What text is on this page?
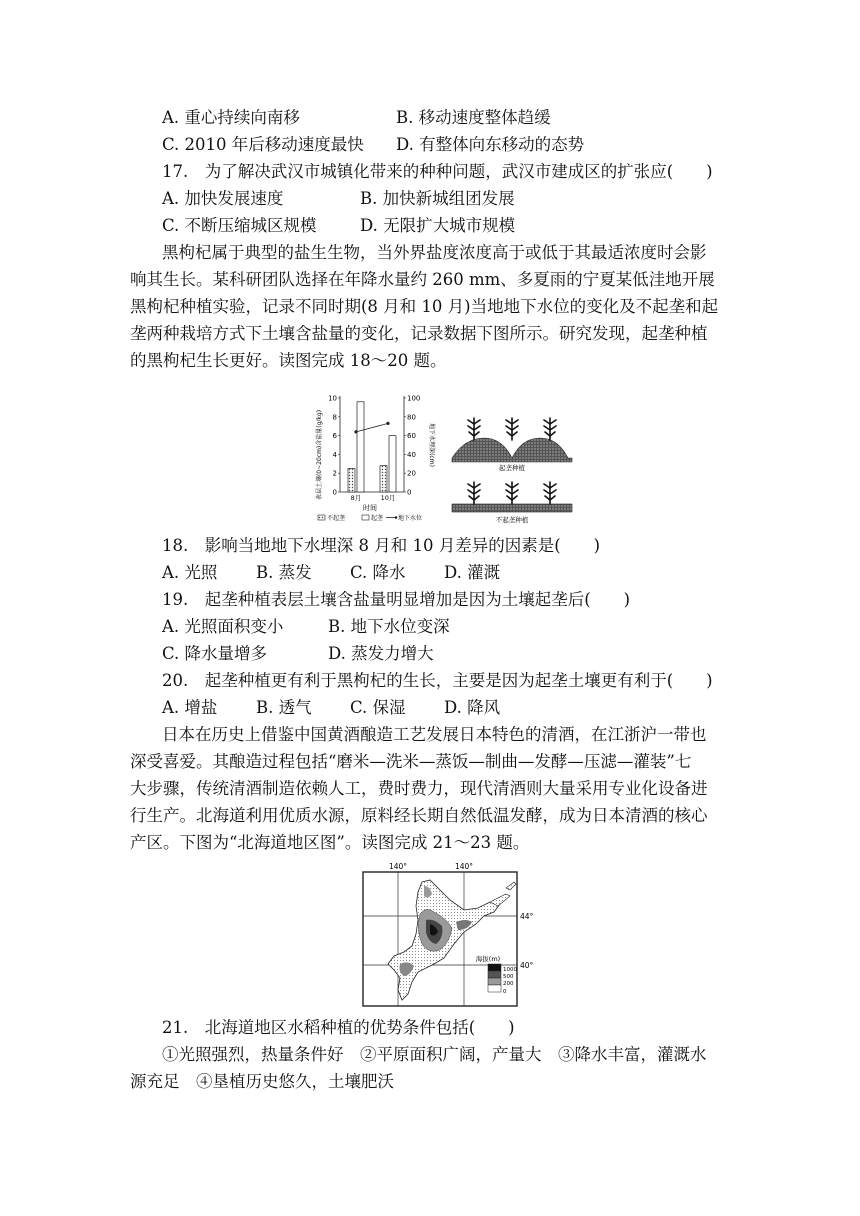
A. 重心持续向南移	B. 移动速度整体趋缓
C. 2010 年后移动速度最快 D. 有整体向东移动的态势
17.　为了解决武汉市城镇化带来的种种问题，武汉市建成区的扩张应(　　)
A. 加快发展速度	B. 加快新城组团发展
C. 不断压缩城区规模	D. 无限扩大城市规模
黑枸杞属于典型的盐生生物，当外界盐度浓度高于或低于其最适浓度时会影
响其生长。某科研团队选择在年降水量约 260 mm、多夏雨的宁夏某低洼地开展
黑枸杞种植实验，记录不同时期(8 月和 10 月)当地地下水位的变化及不起垄和起
垄两种栽培方式下土壤含盐量的变化，记录数据下图所示。研究发现，起垄种植
的黑枸杞生长更好。读图完成 18～20 题。
表层土壤(0~20cm)含盐量(g/kg)	地下水埋深(cm)
0
2
4
6
8
10
0
20
40
60
80
100
8月	10月
时间
不起垄	起垄 地下水位
起垄种植
不起垄种植
18.　影响当地地下水埋深 8 月和 10 月差异的因素是(　　)
A. 光照 B. 蒸发 C. 降水 D. 灌溉
19.　起垄种植表层土壤含盐量明显增加是因为土壤起垄后(　　)
A. 光照面积变小	B. 地下水位变深
C. 降水量增多	D. 蒸发力增大
20.　起垄种植更有利于黑枸杞的生长，主要是因为起垄土壤更有利于(　　)
A. 增盐 B. 透气 C. 保湿 D. 降风
日本在历史上借鉴中国黄酒酿造工艺发展日本特色的清酒，在江浙沪一带也
深受喜爱。其酿造过程包括“磨米—洗米—蒸饭—制曲—发酵—压滤—灌装”七
大步骤，传统清酒制造依赖人工，费时费力，现代清酒则大量采用专业化设备进
行生产。北海道利用优质水源，原料经长期自然低温发酵，成为日本清酒的核心
产区。下图为“北海道地区图”。读图完成 21～23 题。
140°	140°
44°
40°
海拔(m)
1000
500
200
0
21.　北海道地区水稻种植的优势条件包括(　　)
①光照强烈，热量条件好　②平原面积广阔，产量大　③降水丰富，灌溉水
源充足　④垦植历史悠久，土壤肥沃
